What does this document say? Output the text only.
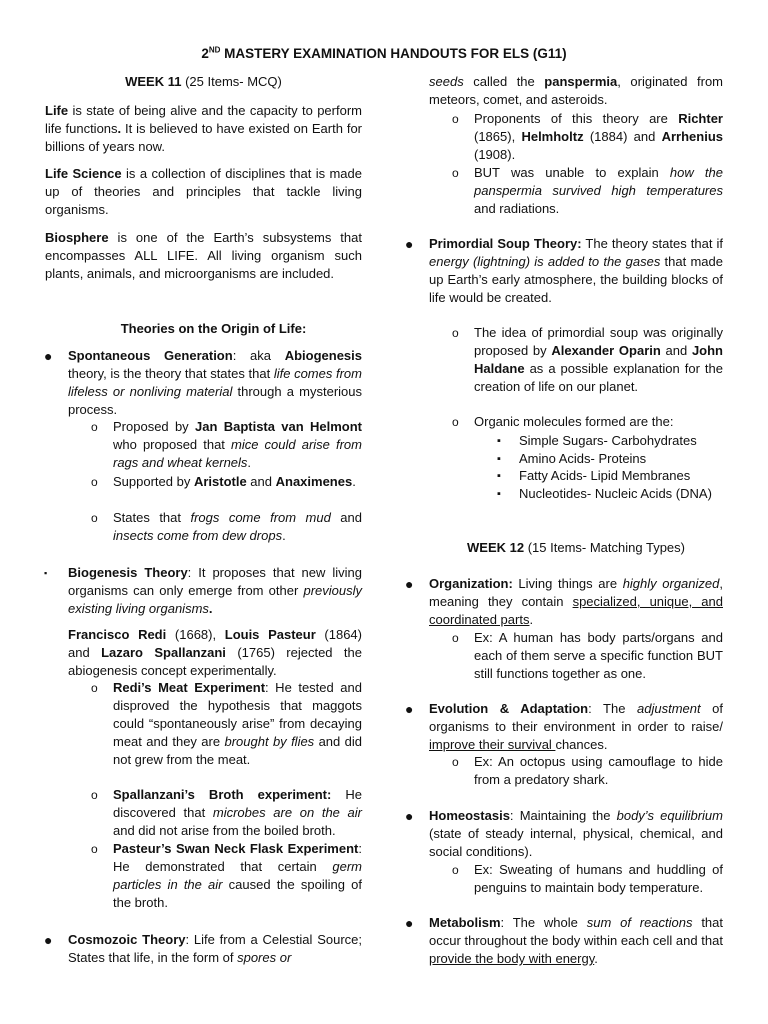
2ND MASTERY EXAMINATION HANDOUTS FOR ELS (G11)
WEEK 11 (25 Items- MCQ)
Life is state of being alive and the capacity to perform life functions. It is believed to have existed on Earth for billions of years now.
Life Science is a collection of disciplines that is made up of theories and principles that tackle living organisms.
Biosphere is one of the Earth’s subsystems that encompasses ALL LIFE. All living organism such plants, animals, and microorganisms are included.
Theories on the Origin of Life:
● Spontaneous Generation: aka Abiogenesis theory, is the theory that states that life comes from lifeless or nonliving material through a mysterious process.
o Proposed by Jan Baptista van Helmont who proposed that mice could arise from rags and wheat kernels.
o Supported by Aristotle and Anaximenes.
o States that frogs come from mud and insects come from dew drops.
▪ Biogenesis Theory: It proposes that new living organisms can only emerge from other previously existing living organisms.
Francisco Redi (1668), Louis Pasteur (1864) and Lazaro Spallanzani (1765) rejected the abiogenesis concept experimentally.
o Redi’s Meat Experiment: He tested and disproved the hypothesis that maggots could “spontaneously arise” from decaying meat and they are brought by flies and did not grew from the meat.
o Spallanzani’s Broth experiment: He discovered that microbes are on the air and did not arise from the boiled broth.
o Pasteur’s Swan Neck Flask Experiment: He demonstrated that certain germ particles in the air caused the spoiling of the broth.
● Cosmozoic Theory: Life from a Celestial Source; States that life, in the form of spores or
seeds called the panspermia, originated from meteors, comet, and asteroids.
o Proponents of this theory are Richter (1865), Helmholtz (1884) and Arrhenius (1908).
o BUT was unable to explain how the panspermia survived high temperatures and radiations.
● Primordial Soup Theory: The theory states that if energy (lightning) is added to the gases that made up Earth’s early atmosphere, the building blocks of life would be created.
o The idea of primordial soup was originally proposed by Alexander Oparin and John Haldane as a possible explanation for the creation of life on our planet.
o Organic molecules formed are the:
▪ Simple Sugars- Carbohydrates
▪ Amino Acids- Proteins
▪ Fatty Acids- Lipid Membranes
▪ Nucleotides- Nucleic Acids (DNA)
WEEK 12 (15 Items- Matching Types)
● Organization: Living things are highly organized, meaning they contain specialized, unique, and coordinated parts.
o Ex: A human has body parts/organs and each of them serve a specific function BUT still functions together as one.
● Evolution & Adaptation: The adjustment of organisms to their environment in order to raise/ improve their survival chances.
o Ex: An octopus using camouflage to hide from a predatory shark.
● Homeostasis: Maintaining the body’s equilibrium (state of steady internal, physical, chemical, and social conditions).
o Ex: Sweating of humans and huddling of penguins to maintain body temperature.
● Metabolism: The whole sum of reactions that occur throughout the body within each cell and that provide the body with energy.
